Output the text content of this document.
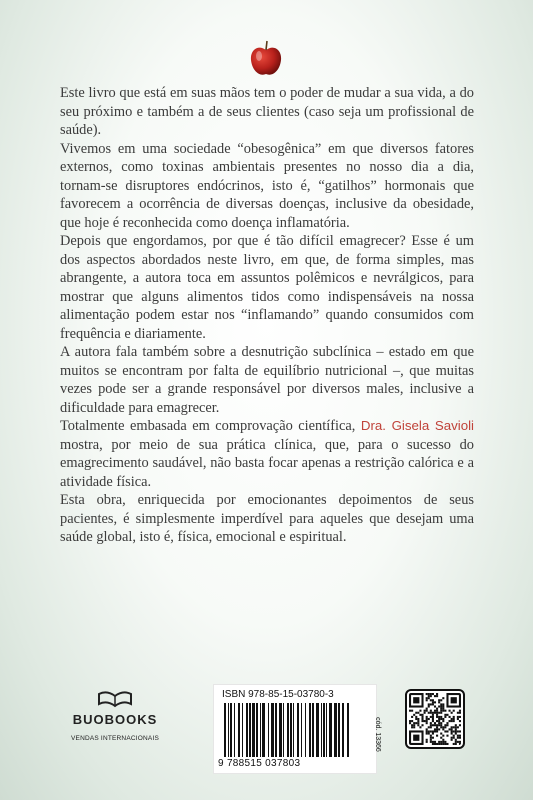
Este livro que está em suas mãos tem o poder de mudar a sua vida, a do seu próximo e também a de seus clientes (caso seja um profissional de saúde).

Vivemos em uma sociedade “obesogênica” em que diversos fatores externos, como toxinas ambientais presentes no nosso dia a dia, tornam-se disruptores endócrinos, isto é, “gatilhos” hormonais que favorecem a ocorrência de diversas doenças, inclusive da obesidade, que hoje é reconhecida como doença inflamatória.

Depois que engordamos, por que é tão difícil emagrecer? Esse é um dos aspectos abordados neste livro, em que, de forma simples, mas abrangente, a autora toca em assuntos polêmicos e nevrálgicos, para mostrar que alguns alimentos tidos como indispensáveis na nossa alimentação podem estar nos “inflamando” quando consumidos com frequência e diariamente.

A autora fala também sobre a desnutrição subclínica – estado em que muitos se encontram por falta de equilíbrio nutricional –, que muitas vezes pode ser a grande responsável por diversos males, inclusive a dificuldade para emagrecer.

Totalmente embasada em comprovação científica, Dra. Gisela Savioli mostra, por meio de sua prática clínica, que, para o sucesso do emagrecimento saudável, não basta focar apenas a restrição calórica e a atividade física.

Esta obra, enriquecida por emocionantes depoimentos de seus pacientes, é simplesmente imperdível para aqueles que desejam uma saúde global, isto é, física, emocional e espiritual.

BUOBOOKS
VENDAS INTERNACIONAIS
ISBN 978-85-15-03780-3
9 788515 037803
cód. 13366
